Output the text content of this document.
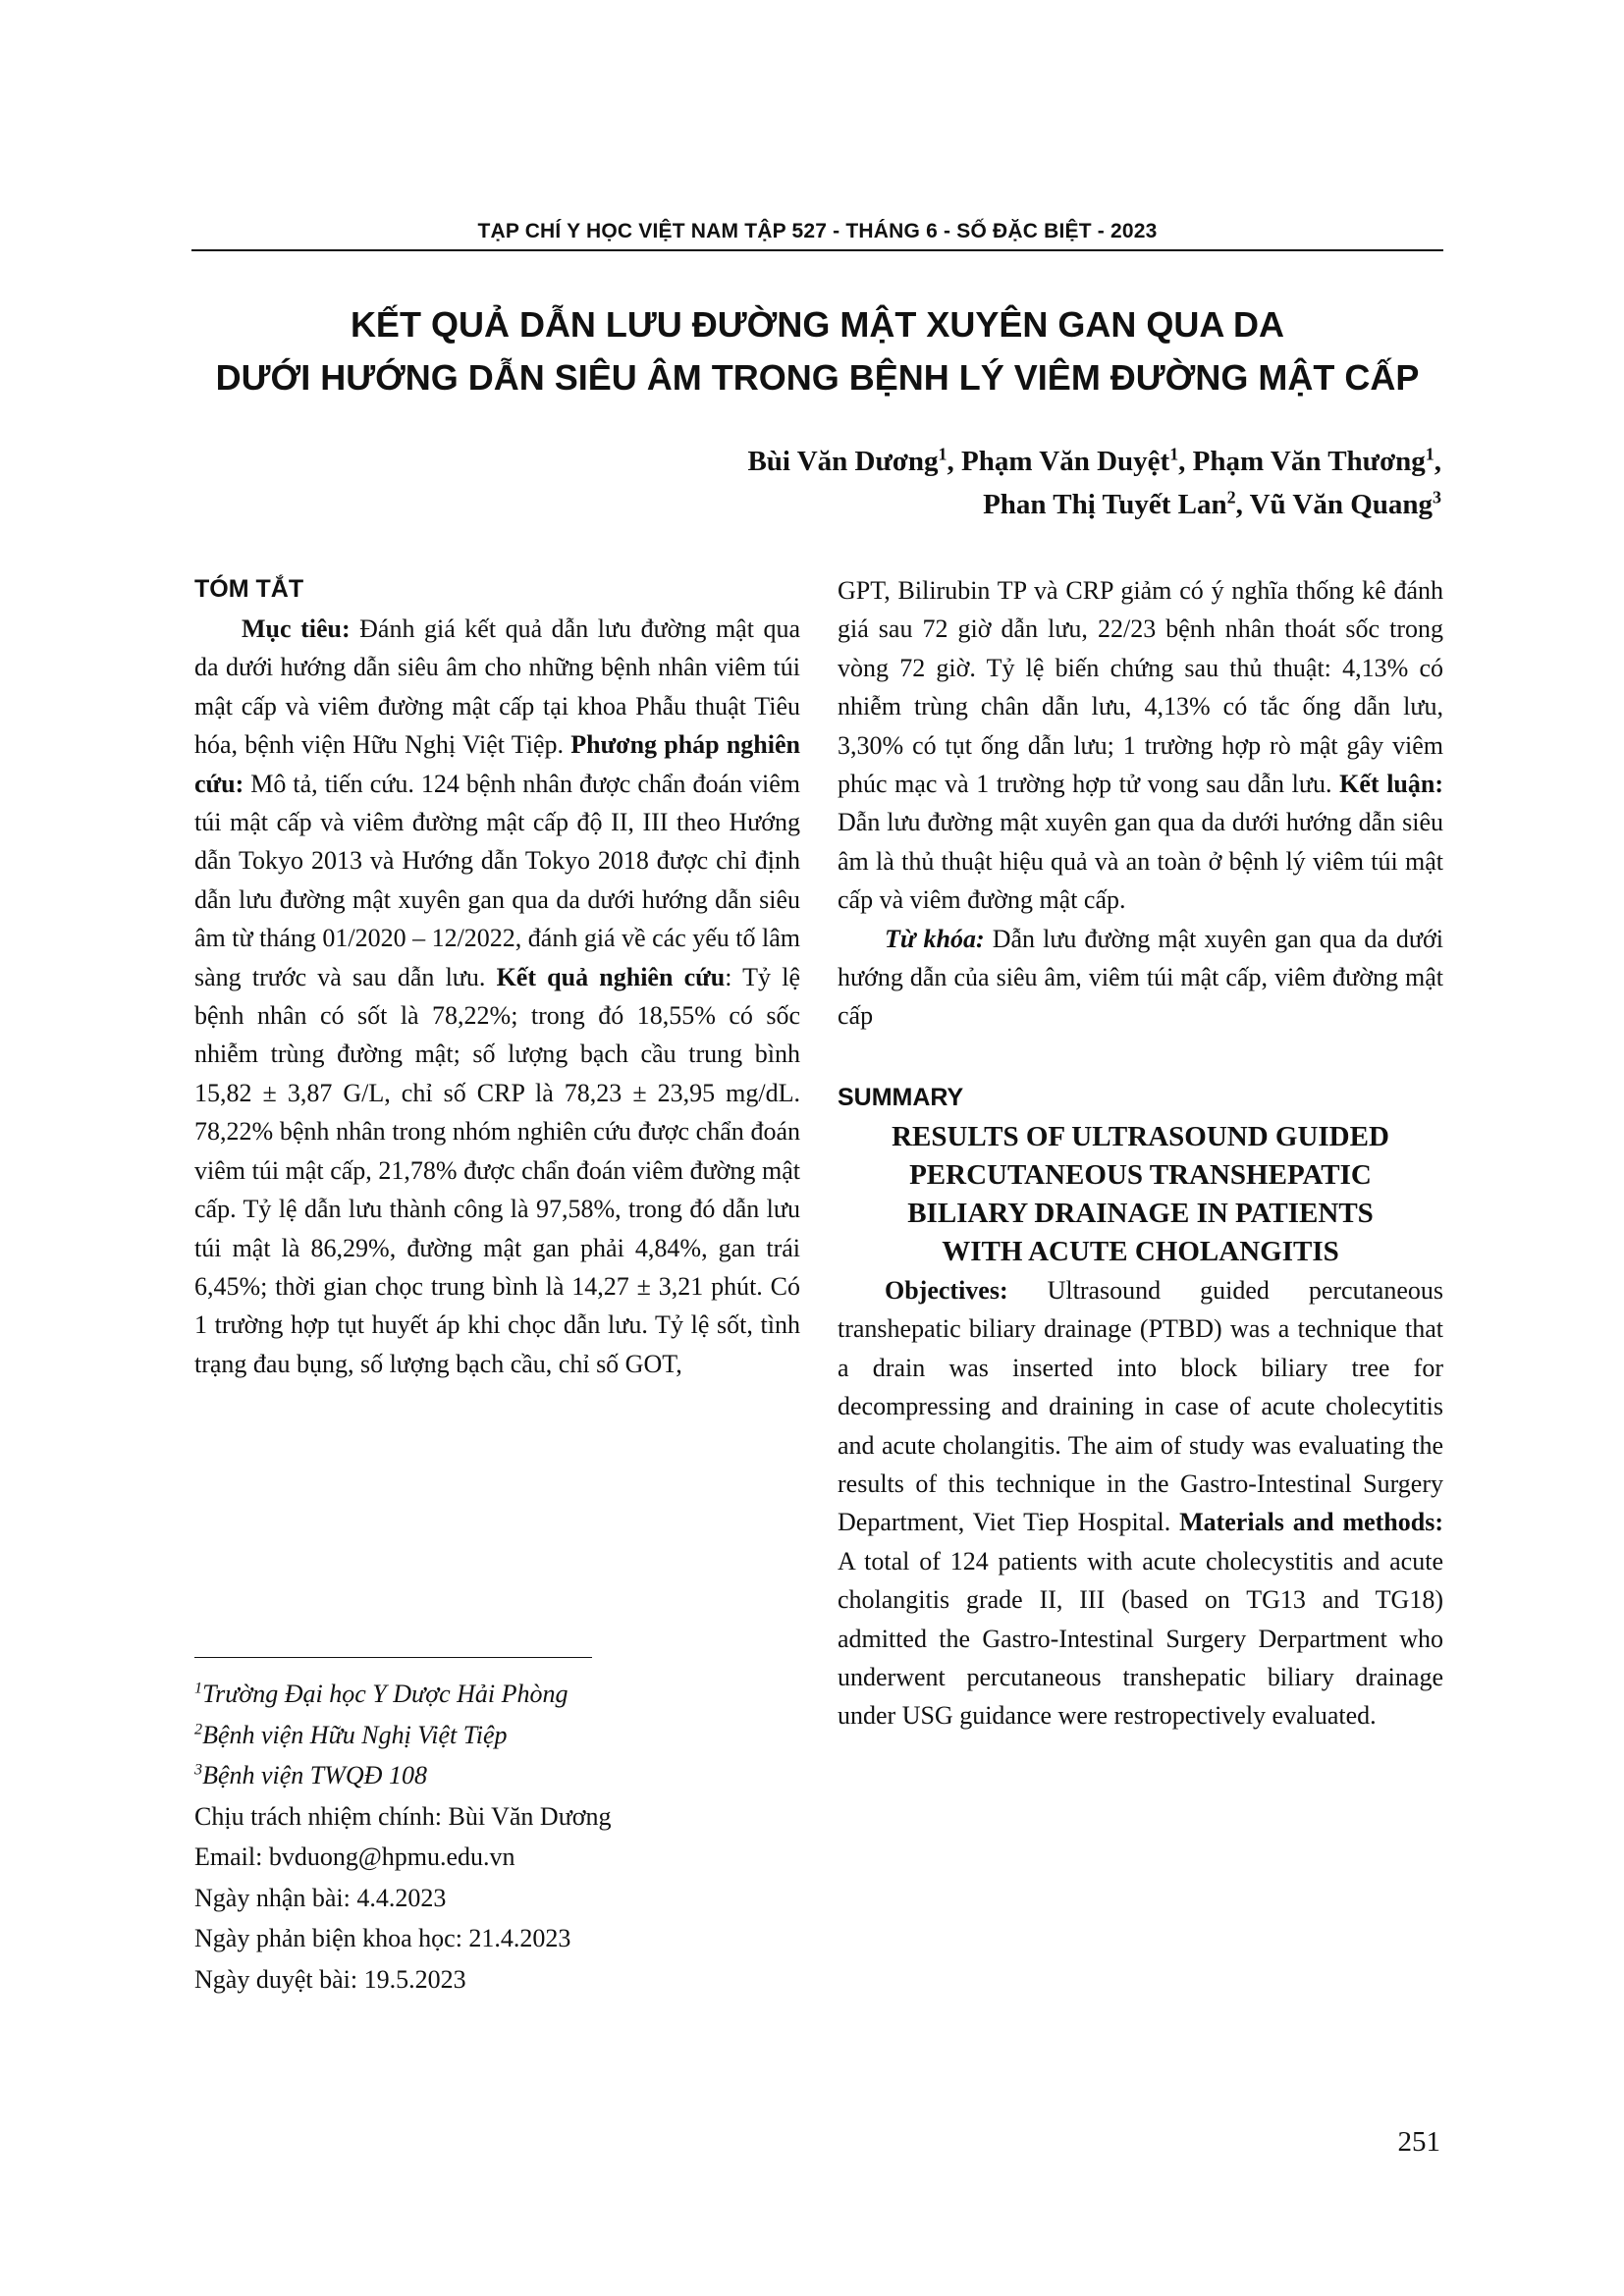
TẠP CHÍ Y HỌC VIỆT NAM TẬP 527 - THÁNG 6 - SỐ ĐẶC BIỆT - 2023
KẾT QUẢ DẪN LƯU ĐƯỜNG MẬT XUYÊN GAN QUA DA
DƯỚI HƯỚNG DẪN SIÊU ÂM TRONG BỆNH LÝ VIÊM ĐƯỜNG MẬT CẤP
Bùi Văn Dương$^1$, Phạm Văn Duyệt$^1$, Phạm Văn Thương$^1$,
Phan Thị Tuyết Lan$^2$, Vũ Văn Quang$^3$
TÓM TẮT

Mục tiêu: Đánh giá kết quả dẫn lưu đường mật qua da dưới hướng dẫn siêu âm cho những bệnh nhân viêm túi mật cấp và viêm đường mật cấp tại khoa Phẫu thuật Tiêu hóa, bệnh viện Hữu Nghị Việt Tiệp. Phương pháp nghiên cứu: Mô tả, tiến cứu. 124 bệnh nhân được chẩn đoán viêm túi mật cấp và viêm đường mật cấp độ II, III theo Hướng dẫn Tokyo 2013 và Hướng dẫn Tokyo 2018 được chỉ định dẫn lưu đường mật xuyên gan qua da dưới hướng dẫn siêu âm từ tháng 01/2020 – 12/2022, đánh giá về các yếu tố lâm sàng trước và sau dẫn lưu. Kết quả nghiên cứu: Tỷ lệ bệnh nhân có sốt là 78,22%; trong đó 18,55% có sốc nhiễm trùng đường mật; số lượng bạch cầu trung bình 15,82 ± 3,87 G/L, chỉ số CRP là 78,23 ± 23,95 mg/dL. 78,22% bệnh nhân trong nhóm nghiên cứu được chẩn đoán viêm túi mật cấp, 21,78% được chẩn đoán viêm đường mật cấp. Tỷ lệ dẫn lưu thành công là 97,58%, trong đó dẫn lưu túi mật là 86,29%, đường mật gan phải 4,84%, gan trái 6,45%; thời gian chọc trung bình là 14,27 ± 3,21 phút. Có 1 trường hợp tụt huyết áp khi chọc dẫn lưu. Tỷ lệ sốt, tình trạng đau bụng, số lượng bạch cầu, chỉ số GOT,

$^1$Trường Đại học Y Dược Hải Phòng
$^2$Bệnh viện Hữu Nghị Việt Tiệp
$^3$Bệnh viện TWQĐ 108
Chịu trách nhiệm chính: Bùi Văn Dương
Email: bvduong@hpmu.edu.vn
Ngày nhận bài: 4.4.2023
Ngày phản biện khoa học: 21.4.2023
Ngày duyệt bài: 19.5.2023

GPT, Bilirubin TP và CRP giảm có ý nghĩa thống kê đánh giá sau 72 giờ dẫn lưu, 22/23 bệnh nhân thoát sốc trong vòng 72 giờ. Tỷ lệ biến chứng sau thủ thuật: 4,13% có nhiễm trùng chân dẫn lưu, 4,13% có tắc ống dẫn lưu, 3,30% có tụt ống dẫn lưu; 1 trường hợp rò mật gây viêm phúc mạc và 1 trường hợp tử vong sau dẫn lưu. Kết luận: Dẫn lưu đường mật xuyên gan qua da dưới hướng dẫn siêu âm là thủ thuật hiệu quả và an toàn ở bệnh lý viêm túi mật cấp và viêm đường mật cấp.

Từ khóa: Dẫn lưu đường mật xuyên gan qua da dưới hướng dẫn của siêu âm, viêm túi mật cấp, viêm đường mật cấp

SUMMARY
RESULTS OF ULTRASOUND GUIDED
PERCUTANEOUS TRANSHEPATIC
BILIARY DRAINAGE IN PATIENTS
WITH ACUTE CHOLANGITIS

Objectives: Ultrasound guided percutaneous transhepatic biliary drainage (PTBD) was a technique that a drain was inserted into block biliary tree for decompressing and draining in case of acute cholecytitis and acute cholangitis. The aim of study was evaluating the results of this technique in the Gastro-Intestinal Surgery Department, Viet Tiep Hospital. Materials and methods: A total of 124 patients with acute cholecystitis and acute cholangitis grade II, III (based on TG13 and TG18) admitted the Gastro-Intestinal Surgery Derpartment who underwent percutaneous transhepatic biliary drainage under USG guidance were restropectively evaluated.

251
